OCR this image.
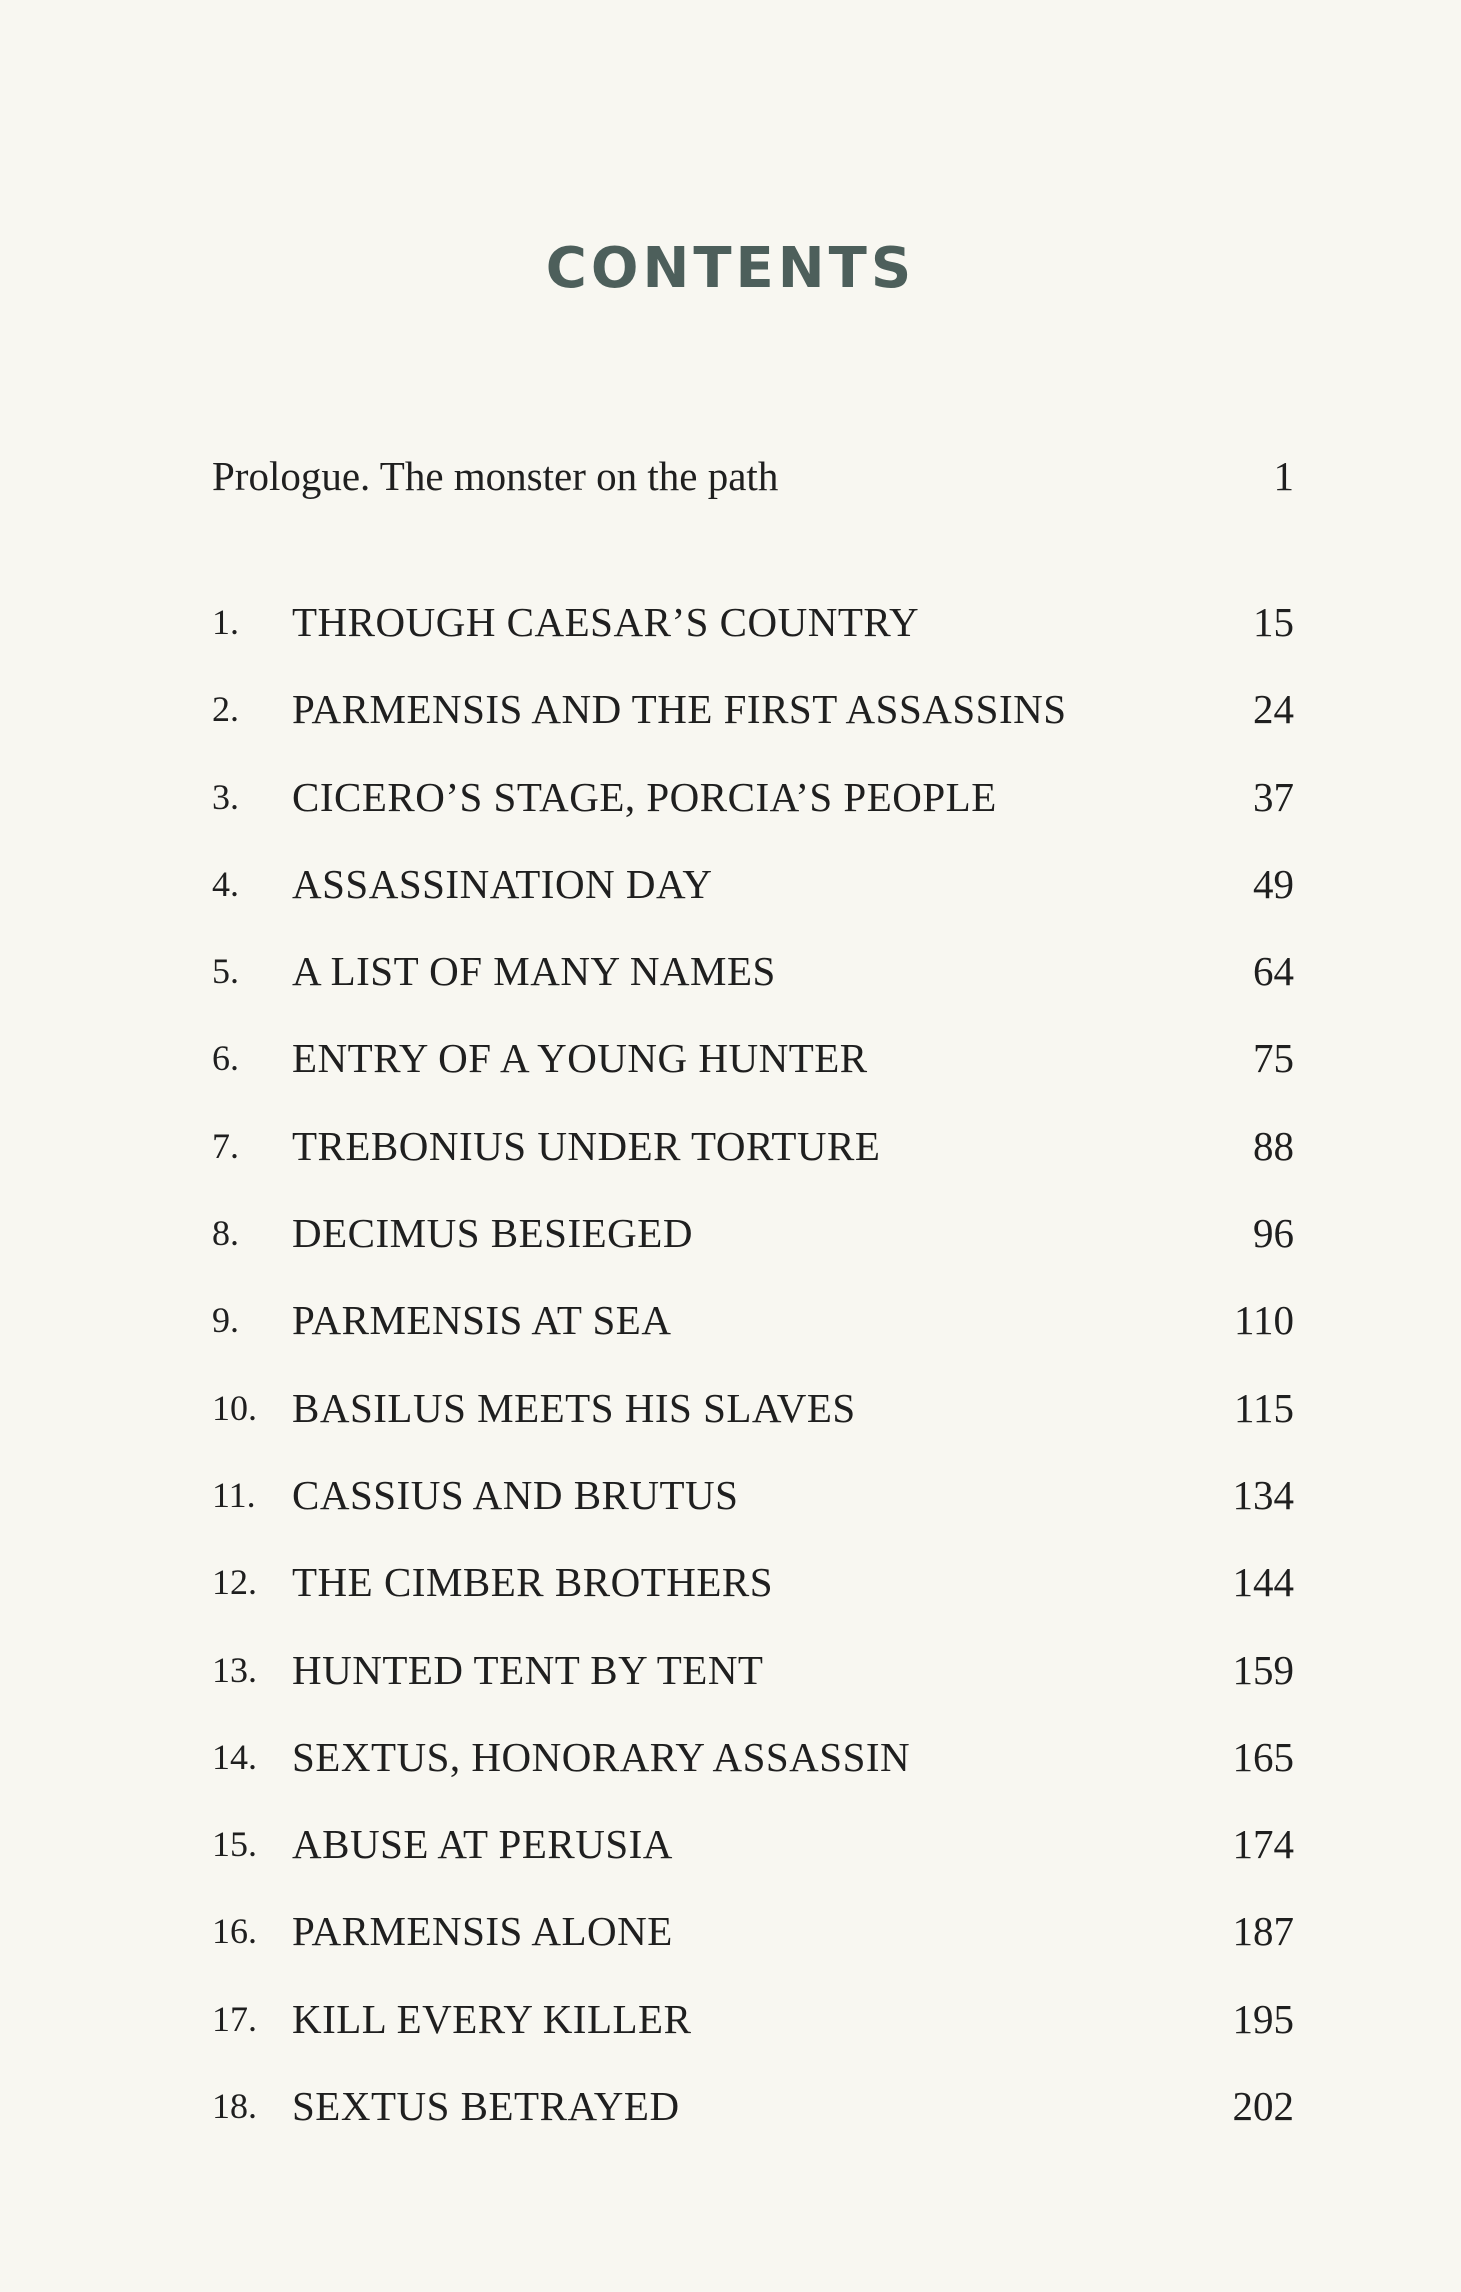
CONTENTS
Prologue. The monster on the path	1
1. THROUGH CAESAR’S COUNTRY	15
2. PARMENSIS AND THE FIRST ASSASSINS	24
3. CICERO’S STAGE, PORCIA’S PEOPLE	37
4. ASSASSINATION DAY	49
5. A LIST OF MANY NAMES	64
6. ENTRY OF A YOUNG HUNTER	75
7. TREBONIUS UNDER TORTURE	88
8. DECIMUS BESIEGED	96
9. PARMENSIS AT SEA	110
10. BASILUS MEETS HIS SLAVES	115
11. CASSIUS AND BRUTUS	134
12. THE CIMBER BROTHERS	144
13. HUNTED TENT BY TENT	159
14. SEXTUS, HONORARY ASSASSIN	165
15. ABUSE AT PERUSIA	174
16. PARMENSIS ALONE	187
17. KILL EVERY KILLER	195
18. SEXTUS BETRAYED	202
